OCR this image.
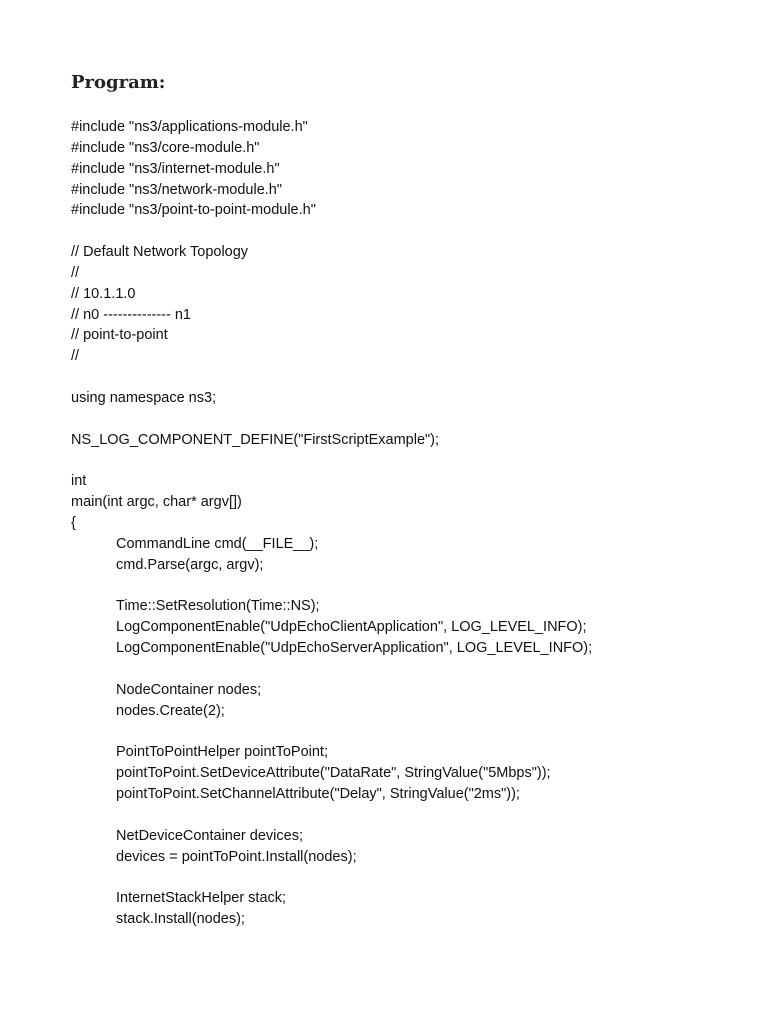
Program:
#include "ns3/applications-module.h"
#include "ns3/core-module.h"
#include "ns3/internet-module.h"
#include "ns3/network-module.h"
#include "ns3/point-to-point-module.h"
// Default Network Topology
//
// 10.1.1.0
// n0 -------------- n1
// point-to-point
//
using namespace ns3;
NS_LOG_COMPONENT_DEFINE("FirstScriptExample");
int
main(int argc, char* argv[])
{
CommandLine cmd(__FILE__);
cmd.Parse(argc, argv);
Time::SetResolution(Time::NS);
LogComponentEnable("UdpEchoClientApplication", LOG_LEVEL_INFO);
LogComponentEnable("UdpEchoServerApplication", LOG_LEVEL_INFO);
NodeContainer nodes;
nodes.Create(2);
PointToPointHelper pointToPoint;
pointToPoint.SetDeviceAttribute("DataRate", StringValue("5Mbps"));
pointToPoint.SetChannelAttribute("Delay", StringValue("2ms"));
NetDeviceContainer devices;
devices = pointToPoint.Install(nodes);
InternetStackHelper stack;
stack.Install(nodes);
